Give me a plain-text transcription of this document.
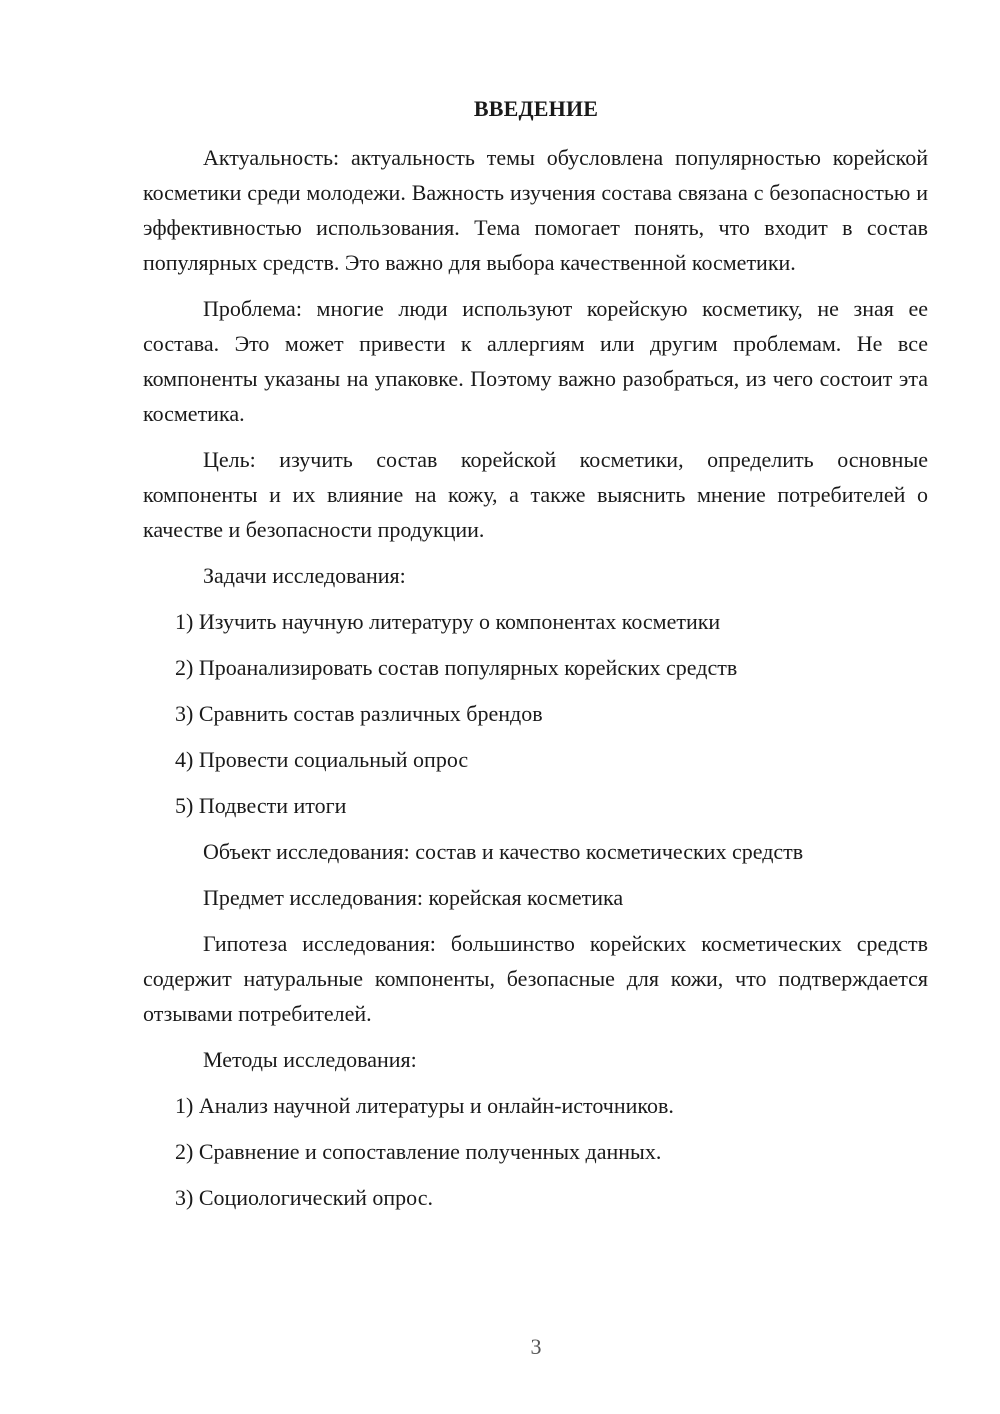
ВВЕДЕНИЕ

Актуальность: актуальность темы обусловлена популярностью корейской косметики среди молодежи. Важность изучения состава связана с безопасностью и эффективностью использования. Тема помогает понять, что входит в состав популярных средств. Это важно для выбора качественной косметики.

Проблема: многие люди используют корейскую косметику, не зная ее состава. Это может привести к аллергиям или другим проблемам. Не все компоненты указаны на упаковке. Поэтому важно разобраться, из чего состоит эта косметика.

Цель: изучить состав корейской косметики, определить основные компоненты и их влияние на кожу, а также выяснить мнение потребителей о качестве и безопасности продукции.

Задачи исследования:

1) Изучить научную литературу о компонентах косметики
2) Проанализировать состав популярных корейских средств
3) Сравнить состав различных брендов
4) Провести социальный опрос
5) Подвести итоги

Объект исследования: состав и качество косметических средств

Предмет исследования: корейская косметика

Гипотеза исследования: большинство корейских косметических средств содержит натуральные компоненты, безопасные для кожи, что подтверждается отзывами потребителей.

Методы исследования:

1) Анализ научной литературы и онлайн-источников.
2) Сравнение и сопоставление полученных данных.
3) Социологический опрос.
3
